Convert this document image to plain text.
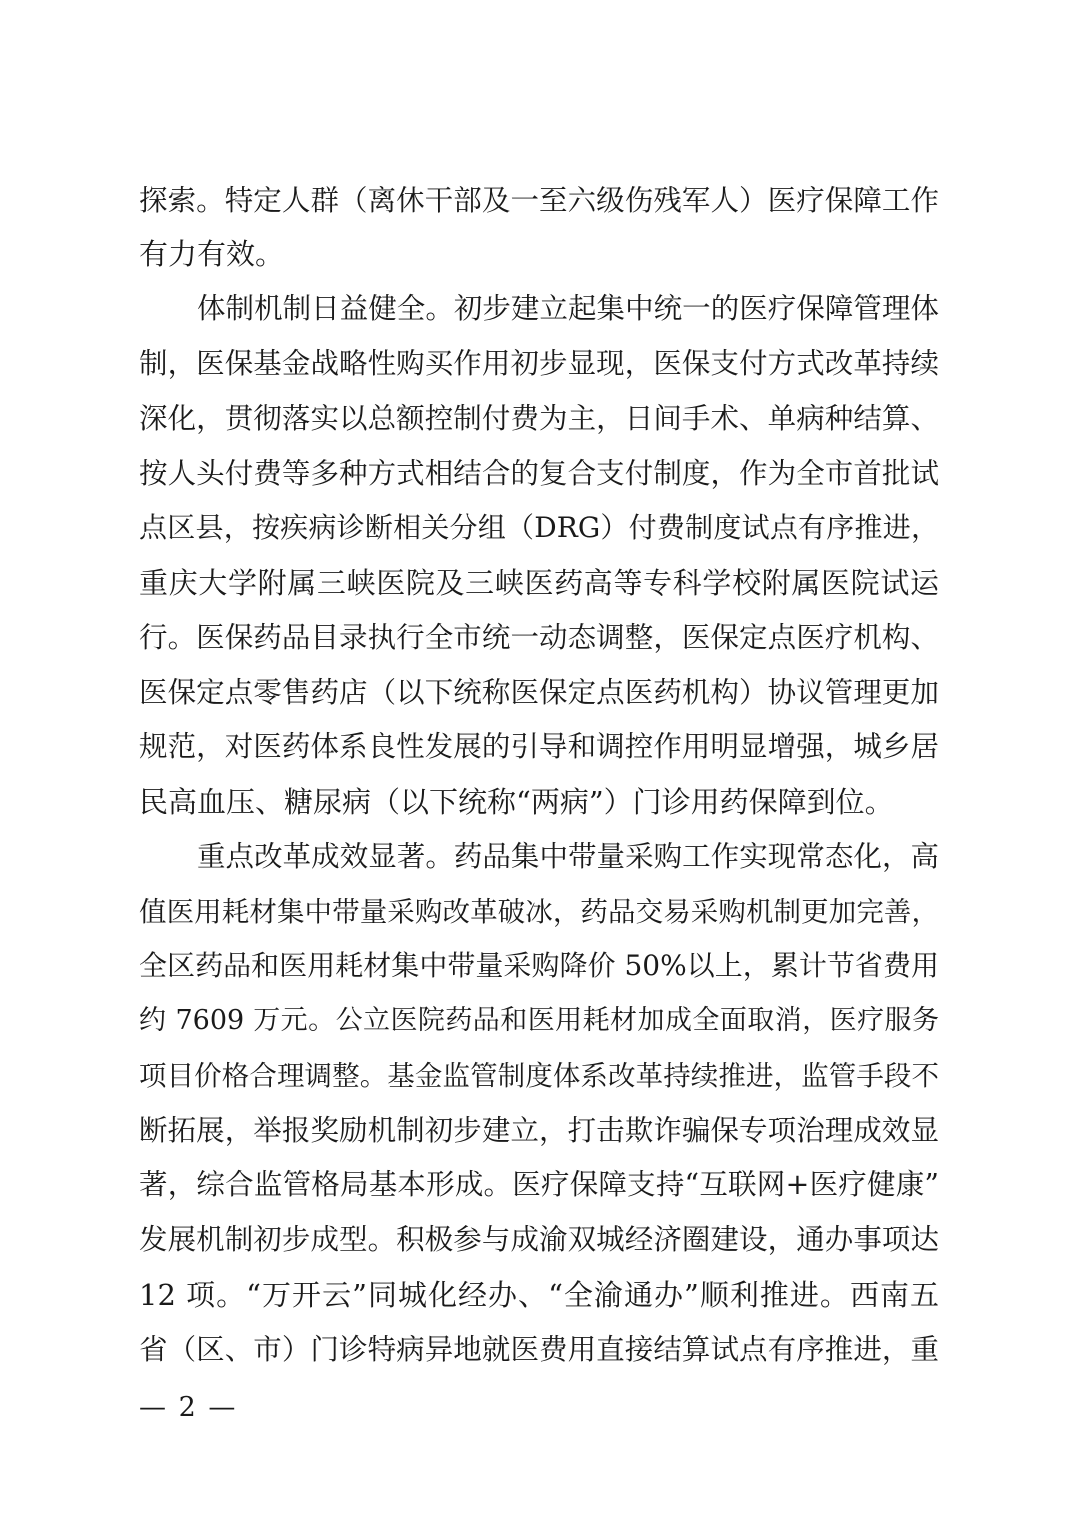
探索。特定人群（离休干部及一至六级伤残军人）医疗保障工作
有力有效。
体制机制日益健全。初步建立起集中统一的医疗保障管理体
制，医保基金战略性购买作用初步显现，医保支付方式改革持续
深化，贯彻落实以总额控制付费为主，日间手术、单病种结算、
按人头付费等多种方式相结合的复合支付制度，作为全市首批试
点区县，按疾病诊断相关分组（DRG）付费制度试点有序推进，
重庆大学附属三峡医院及三峡医药高等专科学校附属医院试运
行。医保药品目录执行全市统一动态调整，医保定点医疗机构、
医保定点零售药店（以下统称医保定点医药机构）协议管理更加
规范，对医药体系良性发展的引导和调控作用明显增强，城乡居
民高血压、糖尿病（以下统称“两病”）门诊用药保障到位。
重点改革成效显著。药品集中带量采购工作实现常态化，高
值医用耗材集中带量采购改革破冰，药品交易采购机制更加完善，
全区药品和医用耗材集中带量采购降价 50%以上，累计节省费用
约 7609 万元。公立医院药品和医用耗材加成全面取消，医疗服务
项目价格合理调整。基金监管制度体系改革持续推进，监管手段不
断拓展，举报奖励机制初步建立，打击欺诈骗保专项治理成效显
著，综合监管格局基本形成。医疗保障支持“互联网+医疗健康”
发展机制初步成型。积极参与成渝双城经济圈建设，通办事项达
12 项。“万开云”同城化经办、“全渝通办”顺利推进。西南五
省（区、市）门诊特病异地就医费用直接结算试点有序推进，重
— 2 —
